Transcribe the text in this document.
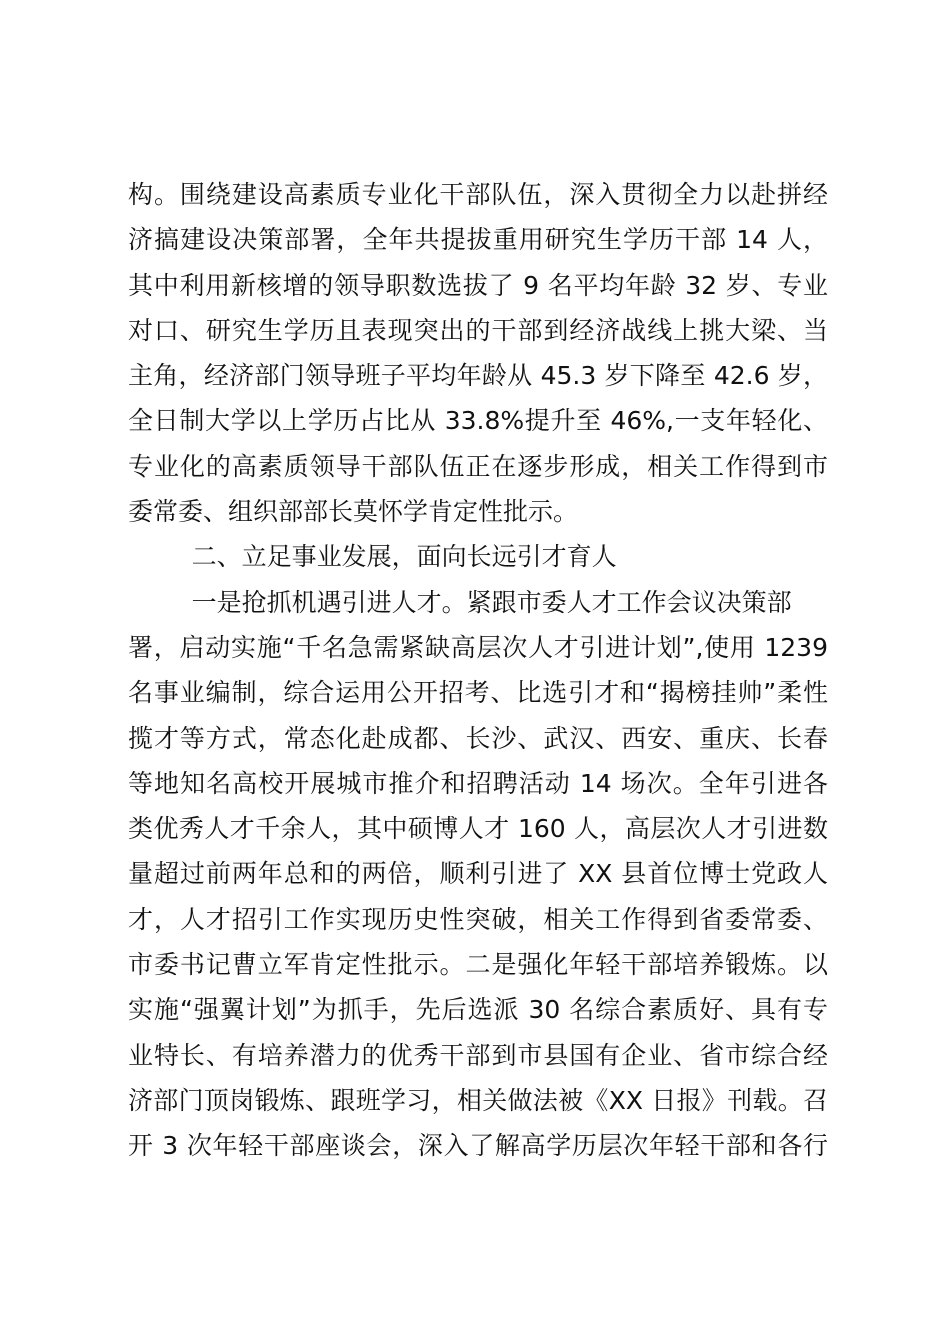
构。围绕建设高素质专业化干部队伍，深入贯彻全力以赴拼经
济搞建设决策部署，全年共提拔重用研究生学历干部 14 人，
其中利用新核增的领导职数选拔了 9 名平均年龄 32 岁、专业
对口、研究生学历且表现突出的干部到经济战线上挑大梁、当
主角，经济部门领导班子平均年龄从 45.3 岁下降至 42.6 岁，
全日制大学以上学历占比从 33.8%提升至 46%,一支年轻化、
专业化的高素质领导干部队伍正在逐步形成，相关工作得到市
委常委、组织部部长莫怀学肯定性批示。
二、立足事业发展，面向长远引才育人
一是抢抓机遇引进人才。紧跟市委人才工作会议决策部
署，启动实施“千名急需紧缺高层次人才引进计划”,使用 1239
名事业编制，综合运用公开招考、比选引才和“揭榜挂帅”柔性
揽才等方式，常态化赴成都、长沙、武汉、西安、重庆、长春
等地知名高校开展城市推介和招聘活动 14 场次。全年引进各
类优秀人才千余人，其中硕博人才 160 人，高层次人才引进数
量超过前两年总和的两倍，顺利引进了 XX 县首位博士党政人
才，人才招引工作实现历史性突破，相关工作得到省委常委、
市委书记曹立军肯定性批示。二是强化年轻干部培养锻炼。以
实施“强翼计划”为抓手，先后选派 30 名综合素质好、具有专
业特长、有培养潜力的优秀干部到市县国有企业、省市综合经
济部门顶岗锻炼、跟班学习，相关做法被《XX 日报》刊载。召
开 3 次年轻干部座谈会，深入了解高学历层次年轻干部和各行
